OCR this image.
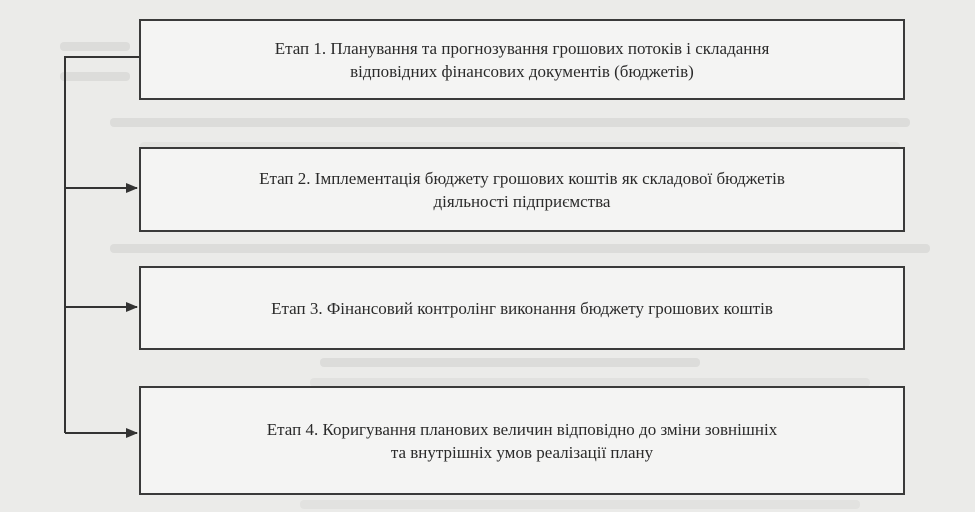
Етап 1. Планування та прогнозування грошових потоків і складання
відповідних фінансових документів (бюджетів)
Етап 2. Імплементація бюджету грошових коштів як складової бюджетів
діяльності підприємства
Етап 3. Фінансовий контролінг виконання бюджету грошових коштів
Етап 4. Коригування планових величин відповідно до зміни зовнішніх
та внутрішніх умов реалізації плану
